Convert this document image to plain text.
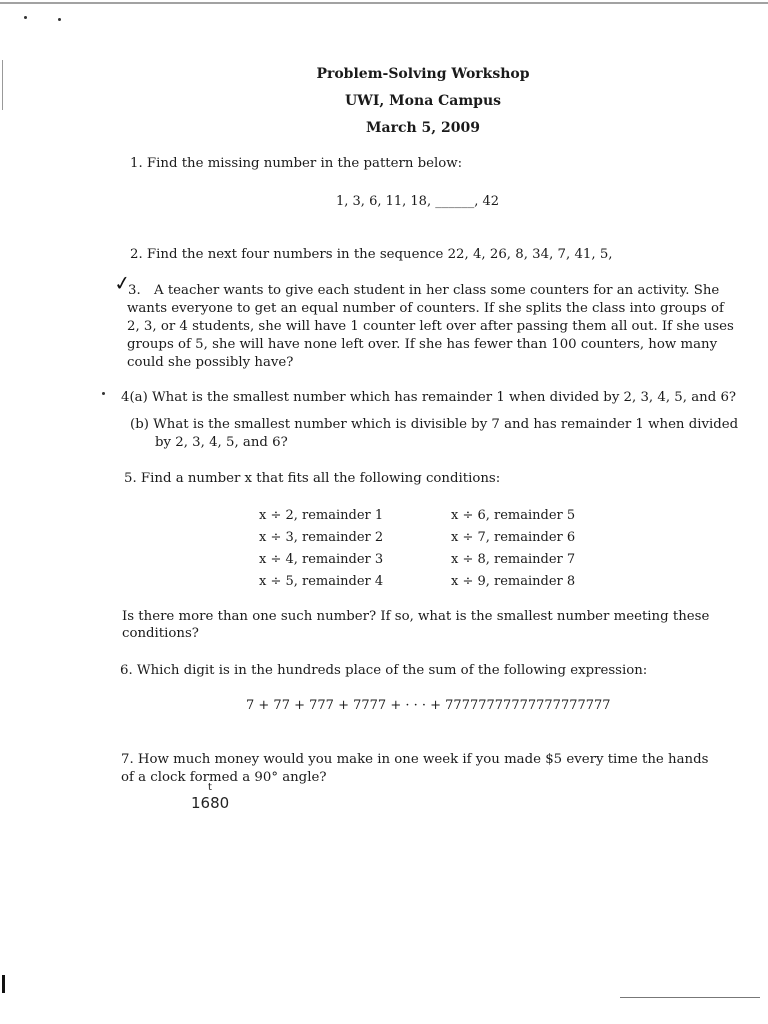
Problem-Solving Workshop
UWI, Mona Campus
March 5, 2009
1. Find the missing number in the pattern below:
1, 3, 6, 11, 18, ______, 42
2. Find the next four numbers in the sequence 22, 4, 26, 8, 34, 7, 41, 5,
✓
3. A teacher wants to give each student in her class some counters for an activity. She
wants everyone to get an equal number of counters. If she splits the class into groups of
2, 3, or 4 students, she will have 1 counter left over after passing them all out. If she uses
groups of 5, she will have none left over. If she has fewer than 100 counters, how many
could she possibly have?
4(a) What is the smallest number which has remainder 1 when divided by 2, 3, 4, 5, and 6?
(b) What is the smallest number which is divisible by 7 and has remainder 1 when divided
by 2, 3, 4, 5, and 6?
5. Find a number x that fits all the following conditions:
x ÷ 2, remainder 1
x ÷ 3, remainder 2
x ÷ 4, remainder 3
x ÷ 5, remainder 4
x ÷ 6, remainder 5
x ÷ 7, remainder 6
x ÷ 8, remainder 7
x ÷ 9, remainder 8
Is there more than one such number? If so, what is the smallest number meeting these
conditions?
6. Which digit is in the hundreds place of the sum of the following expression:
7 + 77 + 777 + 7777 + · · · + 77777777777777777777
7. How much money would you make in one week if you made $5 every time the hands
of a clock formed a 90° angle?
t
1680
